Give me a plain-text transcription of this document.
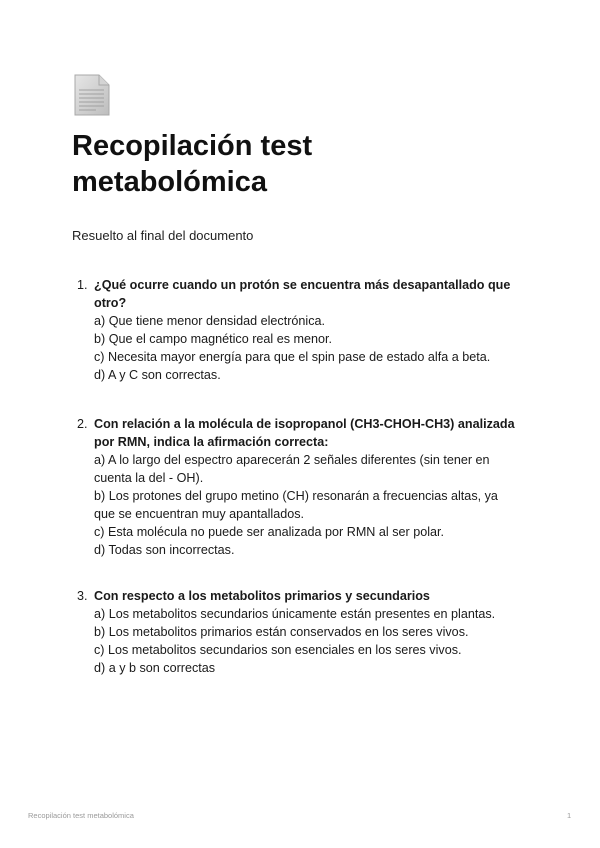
Recopilación test metabolómica

Resuelto al final del documento

1. ¿Qué ocurre cuando un protón se encuentra más desapantallado que otro?
a) Que tiene menor densidad electrónica.
b) Que el campo magnético real es menor.
c) Necesita mayor energía para que el spin pase de estado alfa a beta.
d) A y C son correctas.
2. Con relación a la molécula de isopropanol (CH3-CHOH-CH3) analizada por RMN, indica la afirmación correcta:
a) A lo largo del espectro aparecerán 2 señales diferentes (sin tener en cuenta la del - OH).
b) Los protones del grupo metino (CH) resonarán a frecuencias altas, ya que se encuentran muy apantallados.
c) Esta molécula no puede ser analizada por RMN al ser polar.
d) Todas son incorrectas.
3. Con respecto a los metabolitos primarios y secundarios
a) Los metabolitos secundarios únicamente están presentes en plantas.
b) Los metabolitos primarios están conservados en los seres vivos.
c) Los metabolitos secundarios son esenciales en los seres vivos.
d) a y b son correctas
Recopilación test metabolómica	1
